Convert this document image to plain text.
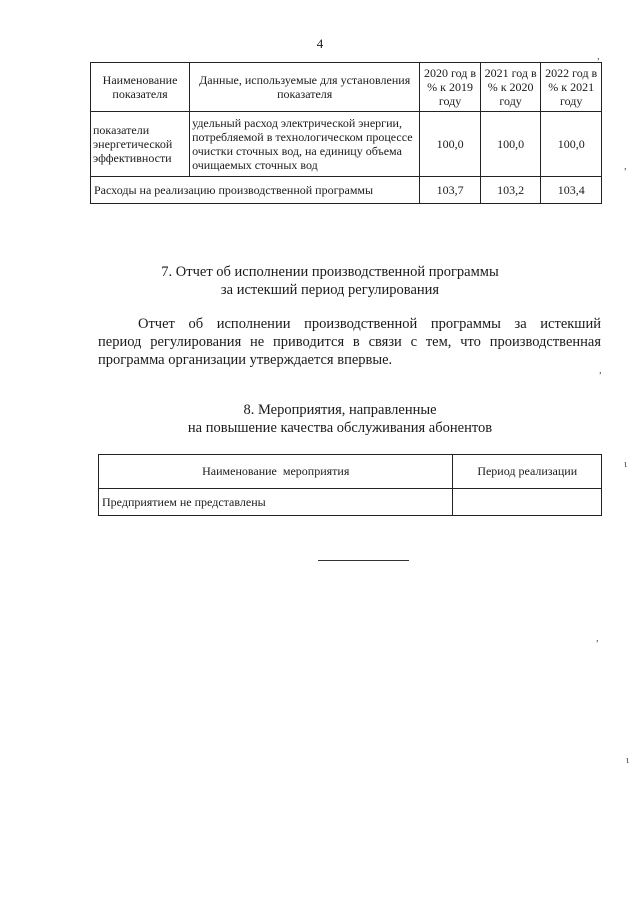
4
Наименование показателя	Данные, используемые для установления показателя	2020 год в % к 2019 году	2021 год в % к 2020 году	2022 год в % к 2021 году
показатели энергетической эффективности	удельный расход электрической энергии, потребляемой в технологическом процессе очистки сточных вод, на единицу объема очищаемых сточных вод	100,0	100,0	100,0
Расходы на реализацию производственной программы		103,7	103,2	103,4
7. Отчет об исполнении производственной программы
за истекший период регулирования
Отчет об исполнении производственной программы за истекший
период регулирования не приводится в связи с тем, что производственная
программа организации утверждается впервые.
8. Мероприятия, направленные
на повышение качества обслуживания абонентов
Наименование  мероприятия	Период реализации
Предприятием не представлены	
,
,
,
ι
,
ι
